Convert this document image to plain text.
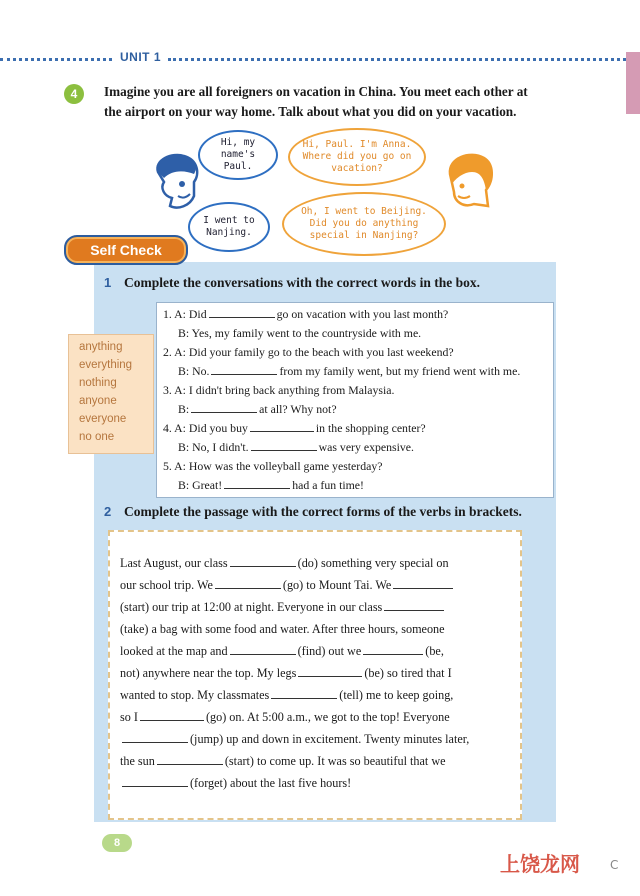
UNIT 1
4	Imagine you are all foreigners on vacation in China. You meet each other at the airport on your way home. Talk about what you did on your vacation.
Hi, my name's Paul.
Hi, Paul. I'm Anna. Where did you go on vacation?
I went to Nanjing.
Oh, I went to Beijing. Did you do anything special in Nanjing?
Self Check
1 Complete the conversations with the correct words in the box.
anything
everything
nothing
anyone
everyone
no one
1. A: Did	go on vacation with you last month?
B: Yes, my family went to the countryside with me.
2. A: Did your family go to the beach with you last weekend?
B: No.	from my family went, but my friend went with me.
3. A: I didn't bring back anything from Malaysia.
B:	at all? Why not?
4. A: Did you buy	in the shopping center?
B: No, I didn't.	was very expensive.
5. A: How was the volleyball game yesterday?
B: Great!	had a fun time!
2 Complete the passage with the correct forms of the verbs in brackets.
Last August, our class	(do) something very special on
our school trip. We	(go) to Mount Tai. We
(start) our trip at 12:00 at night. Everyone in our class
(take) a bag with some food and water. After three hours, someone
looked at the map and	(find) out we	(be,
not) anywhere near the top. My legs	(be) so tired that I
wanted to stop. My classmates	(tell) me to keep going,
so I	(go) on. At 5:00 a.m., we got to the top! Everyone
(jump) up and down in excitement. Twenty minutes later,
the sun	(start) to come up. It was so beautiful that we
(forget) about the last five hours!
8
上饶龙网	C
